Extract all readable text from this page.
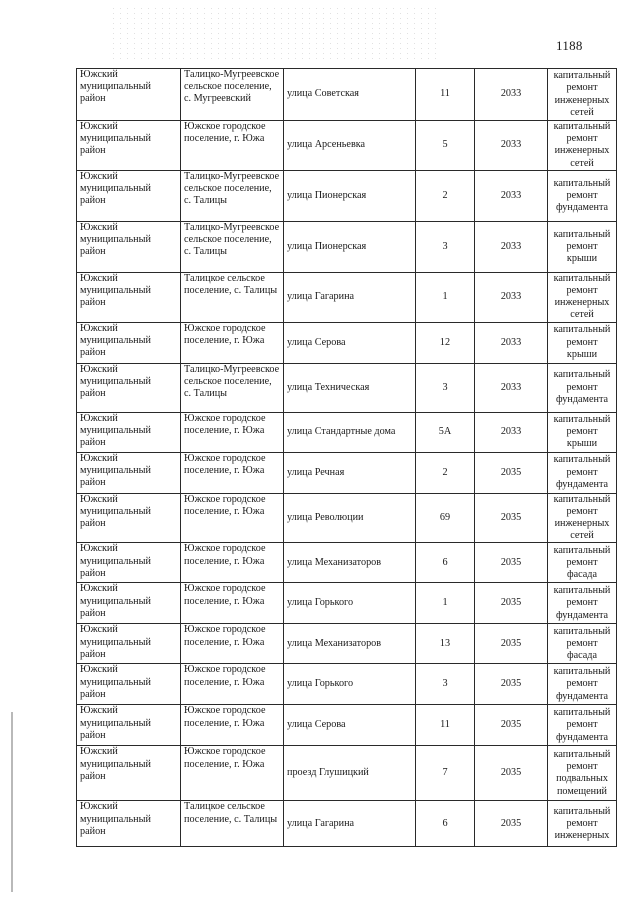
1188
Южский муниципальный район	Талицко-Мугреевское сельское поселение, с. Мугреевский	улица Советская	11	2033	капитальный ремонт инженерных сетей
Южский муниципальный район	Южское городское поселение, г. Южа	улица Арсеньевка	5	2033	капитальный ремонт инженерных сетей
Южский муниципальный район	Талицко-Мугреевское сельское поселение, с. Талицы	улица Пионерская	2	2033	капитальный ремонт фундамента
Южский муниципальный район	Талицко-Мугреевское сельское поселение, с. Талицы	улица Пионерская	3	2033	капитальный ремонт крыши
Южский муниципальный район	Талицкое сельское поселение, с. Талицы	улица Гагарина	1	2033	капитальный ремонт инженерных сетей
Южский муниципальный район	Южское городское поселение, г. Южа	улица Серова	12	2033	капитальный ремонт крыши
Южский муниципальный район	Талицко-Мугреевское сельское поселение, с. Талицы	улица Техническая	3	2033	капитальный ремонт фундамента
Южский муниципальный район	Южское городское поселение, г. Южа	улица Стандартные дома	5А	2033	капитальный ремонт крыши
Южский муниципальный район	Южское городское поселение, г. Южа	улица Речная	2	2035	капитальный ремонт фундамента
Южский муниципальный район	Южское городское поселение, г. Южа	улица Революции	69	2035	капитальный ремонт инженерных сетей
Южский муниципальный район	Южское городское поселение, г. Южа	улица Механизаторов	6	2035	капитальный ремонт фасада
Южский муниципальный район	Южское городское поселение, г. Южа	улица Горького	1	2035	капитальный ремонт фундамента
Южский муниципальный район	Южское городское поселение, г. Южа	улица Механизаторов	13	2035	капитальный ремонт фасада
Южский муниципальный район	Южское городское поселение, г. Южа	улица Горького	3	2035	капитальный ремонт фундамента
Южский муниципальный район	Южское городское поселение, г. Южа	улица Серова	11	2035	капитальный ремонт фундамента
Южский муниципальный район	Южское городское поселение, г. Южа	проезд Глушицкий	7	2035	капитальный ремонт подвальных помещений
Южский муниципальный район	Талицкое сельское поселение, с. Талицы	улица Гагарина	6	2035	капитальный ремонт инженерных
